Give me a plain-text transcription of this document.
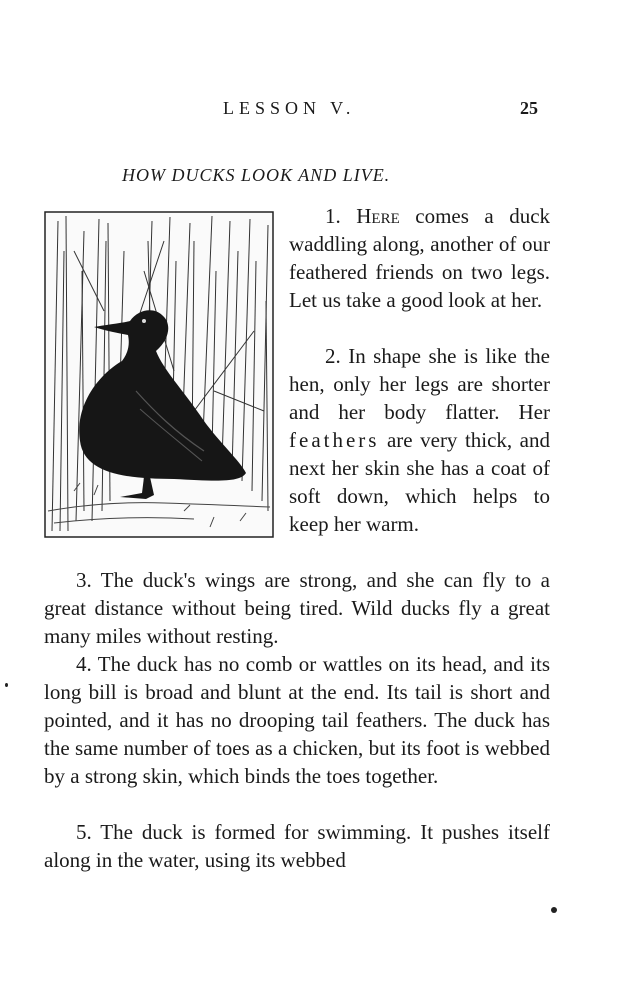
LESSON V.	25
HOW DUCKS LOOK AND LIVE.

1. Here comes a duck waddling along, another of our feathered friends on two legs. Let us take a good look at her.

2. In shape she is like the hen, only her legs are shorter and her body flatter. Her feathers are very thick, and next her skin she has a coat of soft down, which helps to keep her warm.

3. The duck's wings are strong, and she can fly to a great distance without being tired. Wild ducks fly a great many miles without resting.

4. The duck has no comb or wattles on its head, and its long bill is broad and blunt at the end. Its tail is short and pointed, and it has no drooping tail feathers. The duck has the same number of toes as a chicken, but its foot is webbed by a strong skin, which binds the toes together.

5. The duck is formed for swimming. It pushes itself along in the water, using its webbed
